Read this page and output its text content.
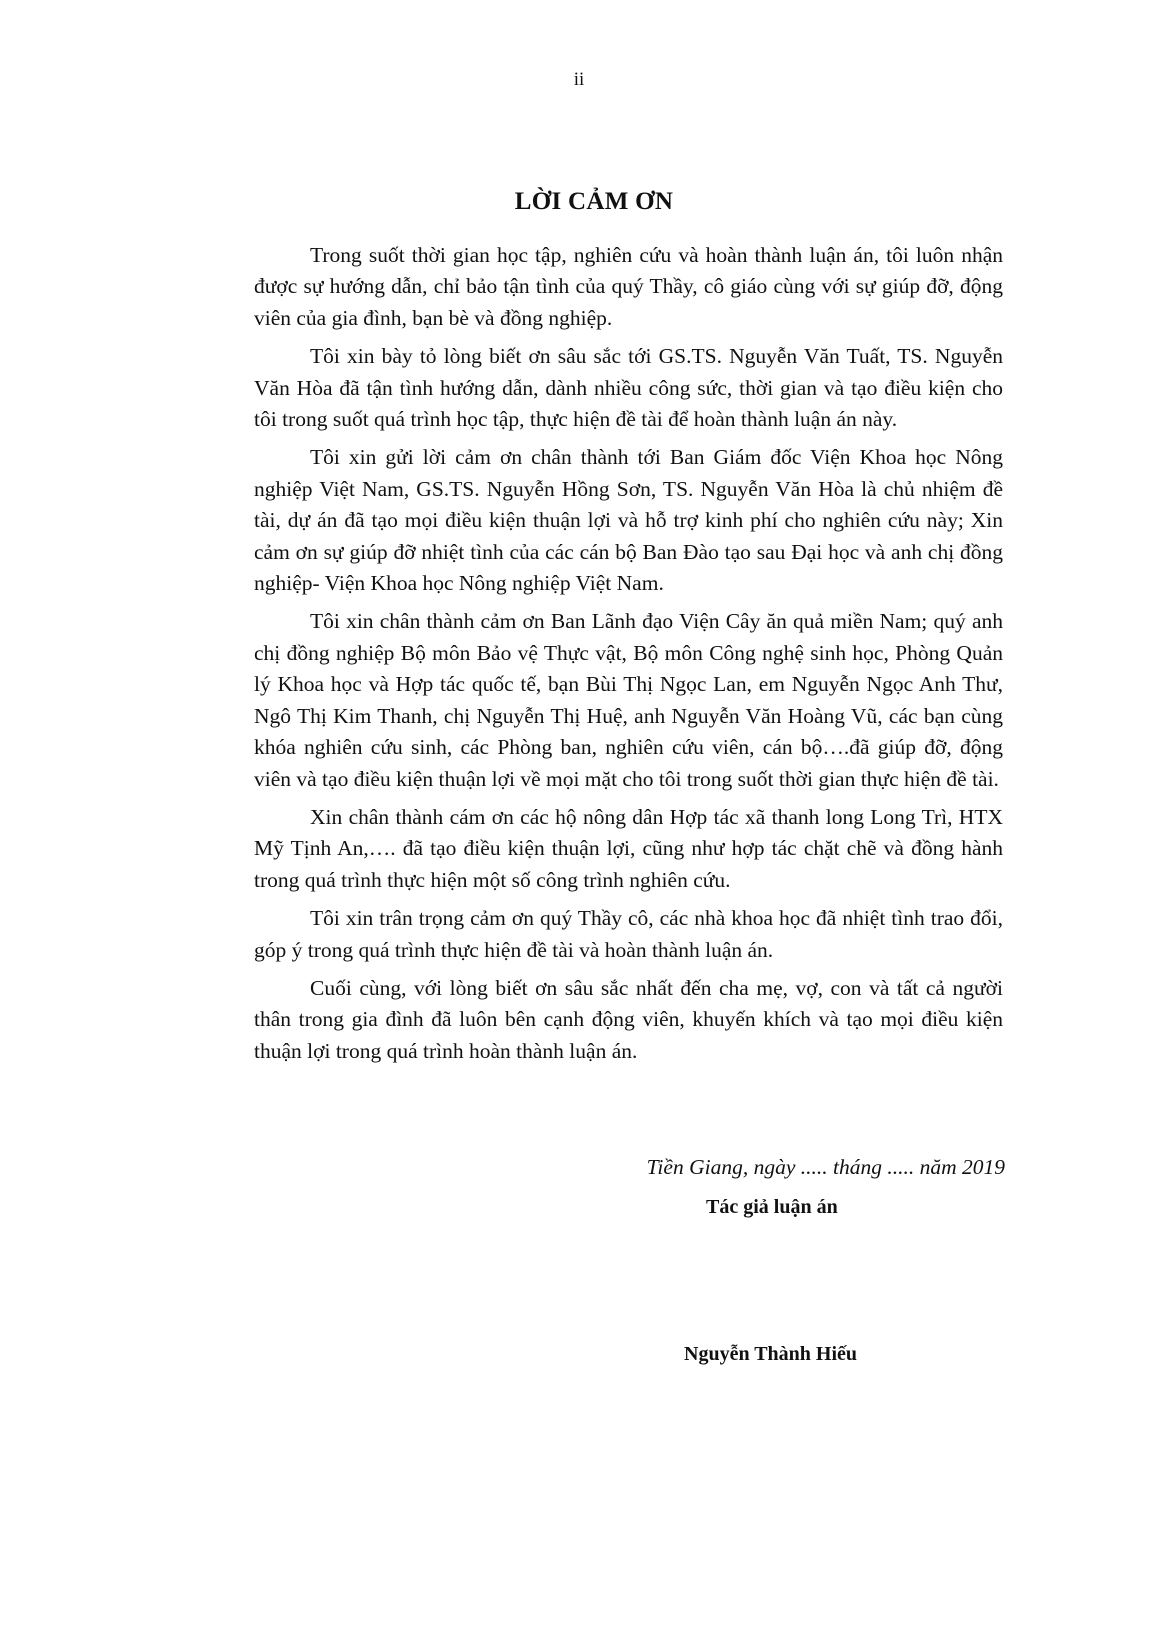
ii
LỜI CẢM ƠN

Trong suốt thời gian học tập, nghiên cứu và hoàn thành luận án, tôi luôn nhận được sự hướng dẫn, chỉ bảo tận tình của quý Thầy, cô giáo cùng với sự giúp đỡ, động viên của gia đình, bạn bè và đồng nghiệp.

Tôi xin bày tỏ lòng biết ơn sâu sắc tới GS.TS. Nguyễn Văn Tuất, TS. Nguyễn Văn Hòa đã tận tình hướng dẫn, dành nhiều công sức, thời gian và tạo điều kiện cho tôi trong suốt quá trình học tập, thực hiện đề tài để hoàn thành luận án này.

Tôi xin gửi lời cảm ơn chân thành tới Ban Giám đốc Viện Khoa học Nông nghiệp Việt Nam, GS.TS. Nguyễn Hồng Sơn, TS. Nguyễn Văn Hòa là chủ nhiệm đề tài, dự án đã tạo mọi điều kiện thuận lợi và hỗ trợ kinh phí cho nghiên cứu này; Xin cảm ơn sự giúp đỡ nhiệt tình của các cán bộ Ban Đào tạo sau Đại học và anh chị đồng nghiệp- Viện Khoa học Nông nghiệp Việt Nam.

Tôi xin chân thành cảm ơn Ban Lãnh đạo Viện Cây ăn quả miền Nam; quý anh chị đồng nghiệp Bộ môn Bảo vệ Thực vật, Bộ môn Công nghệ sinh học, Phòng Quản lý Khoa học và Hợp tác quốc tế, bạn Bùi Thị Ngọc Lan, em Nguyễn Ngọc Anh Thư, Ngô Thị Kim Thanh, chị Nguyễn Thị Huệ, anh Nguyễn Văn Hoàng Vũ, các bạn cùng khóa nghiên cứu sinh, các Phòng ban, nghiên cứu viên, cán bộ….đã giúp đỡ, động viên và tạo điều kiện thuận lợi về mọi mặt cho tôi trong suốt thời gian thực hiện đề tài.

Xin chân thành cám ơn các hộ nông dân Hợp tác xã thanh long Long Trì, HTX Mỹ Tịnh An,…. đã tạo điều kiện thuận lợi, cũng như hợp tác chặt chẽ và đồng hành trong quá trình thực hiện một số công trình nghiên cứu.

Tôi xin trân trọng cảm ơn quý Thầy cô, các nhà khoa học đã nhiệt tình trao đổi, góp ý trong quá trình thực hiện đề tài và hoàn thành luận án.

Cuối cùng, với lòng biết ơn sâu sắc nhất đến cha mẹ, vợ, con và tất cả người thân trong gia đình đã luôn bên cạnh động viên, khuyến khích và tạo mọi điều kiện thuận lợi trong quá trình hoàn thành luận án.

Tiền Giang, ngày ..... tháng ..... năm 2019
Tác giả luận án
Nguyễn Thành Hiếu
